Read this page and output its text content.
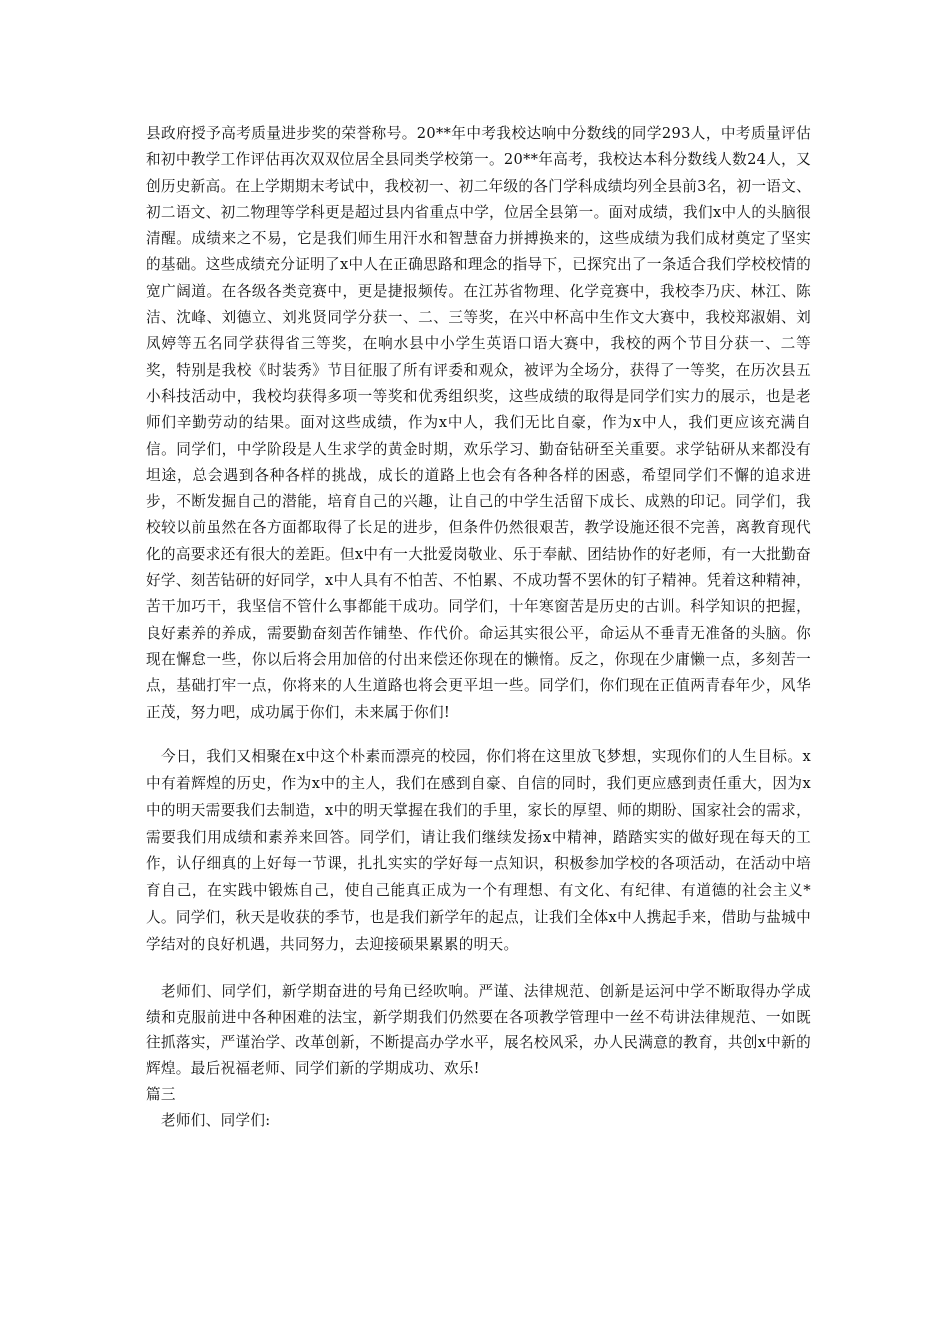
县政府授予高考质量进步奖的荣誉称号。20**年中考我校达响中分数线的同学293人，中考质量评估和初中教学工作评估再次双双位居全县同类学校第一。20**年高考，我校达本科分数线人数24人，又创历史新高。在上学期期末考试中，我校初一、初二年级的各门学科成绩均列全县前3名，初一语文、初二语文、初二物理等学科更是超过县内省重点中学，位居全县第一。面对成绩，我们x中人的头脑很清醒。成绩来之不易，它是我们师生用汗水和智慧奋力拼搏换来的，这些成绩为我们成材奠定了坚实的基础。这些成绩充分证明了x中人在正确思路和理念的指导下，已探究出了一条适合我们学校校情的宽广阔道。在各级各类竞赛中，更是捷报频传。在江苏省物理、化学竞赛中，我校李乃庆、林江、陈洁、沈峰、刘德立、刘兆贤同学分获一、二、三等奖，在兴中杯高中生作文大赛中，我校郑淑娟、刘凤婷等五名同学获得省三等奖，在响水县中小学生英语口语大赛中，我校的两个节目分获一、二等奖，特别是我校《时装秀》节目征服了所有评委和观众，被评为全场分，获得了一等奖，在历次县五小科技活动中，我校均获得多项一等奖和优秀组织奖，这些成绩的取得是同学们实力的展示，也是老师们辛勤劳动的结果。面对这些成绩，作为x中人，我们无比自豪，作为x中人，我们更应该充满自信。同学们，中学阶段是人生求学的黄金时期，欢乐学习、勤奋钻研至关重要。求学钻研从来都没有坦途，总会遇到各种各样的挑战，成长的道路上也会有各种各样的困惑，希望同学们不懈的追求进步，不断发掘自己的潜能，培育自己的兴趣，让自己的中学生活留下成长、成熟的印记。同学们，我校较以前虽然在各方面都取得了长足的进步，但条件仍然很艰苦，教学设施还很不完善，离教育现代化的高要求还有很大的差距。但x中有一大批爱岗敬业、乐于奉献、团结协作的好老师，有一大批勤奋好学、刻苦钻研的好同学，x中人具有不怕苦、不怕累、不成功誓不罢休的钉子精神。凭着这种精神，苦干加巧干，我坚信不管什么事都能干成功。同学们，十年寒窗苦是历史的古训。科学知识的把握，良好素养的养成，需要勤奋刻苦作铺垫、作代价。命运其实很公平，命运从不垂青无准备的头脑。你现在懈怠一些，你以后将会用加倍的付出来偿还你现在的懒惰。反之，你现在少庸懒一点，多刻苦一点，基础打牢一点，你将来的人生道路也将会更平坦一些。同学们，你们现在正值两青春年少，风华正茂，努力吧，成功属于你们，未来属于你们!

今日，我们又相聚在x中这个朴素而漂亮的校园，你们将在这里放飞梦想，实现你们的人生目标。x中有着辉煌的历史，作为x中的主人，我们在感到自豪、自信的同时，我们更应感到责任重大，因为x中的明天需要我们去制造，x中的明天掌握在我们的手里，家长的厚望、师的期盼、国家社会的需求，需要我们用成绩和素养来回答。同学们，请让我们继续发扬x中精神，踏踏实实的做好现在每天的工作，认仔细真的上好每一节课，扎扎实实的学好每一点知识，积极参加学校的各项活动，在活动中培育自己，在实践中锻炼自己，使自己能真正成为一个有理想、有文化、有纪律、有道德的社会主义*人。同学们，秋天是收获的季节，也是我们新学年的起点，让我们全体x中人携起手来，借助与盐城中学结对的良好机遇，共同努力，去迎接硕果累累的明天。

老师们、同学们，新学期奋进的号角已经吹响。严谨、法律规范、创新是运河中学不断取得办学成绩和克服前进中各种困难的法宝，新学期我们仍然要在各项教学管理中一丝不苟讲法律规范、一如既往抓落实，严谨治学、改革创新，不断提高办学水平，展名校风采，办人民满意的教育，共创x中新的辉煌。最后祝福老师、同学们新的学期成功、欢乐!

篇三

老师们、同学们:
